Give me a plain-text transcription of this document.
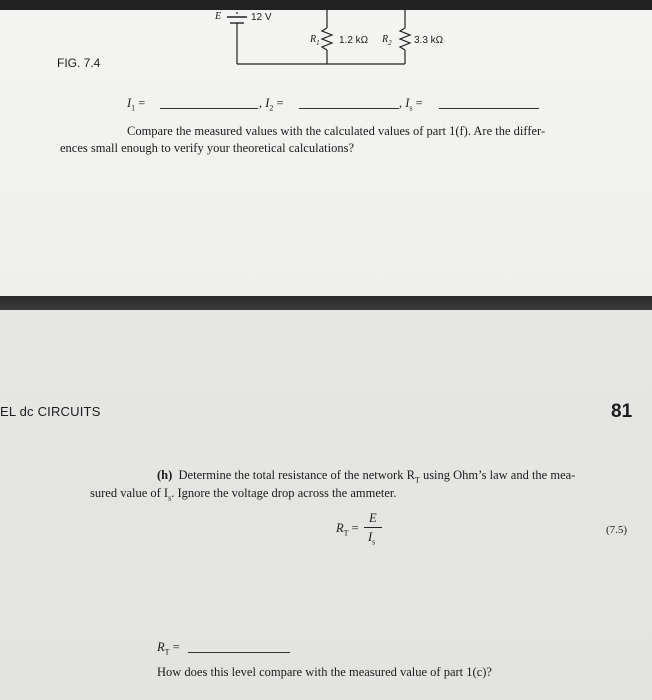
E	12 V
$R_1$ 1.2 kΩ $R_2$ 3.3 kΩ
FIG. 7.4
$I_1$ =	, $I_2$ =	, $I_s$ =
Compare the measured values with the calculated values of part 1(f). Are the differ-
ences small enough to verify your theoretical calculations?
EL dc CIRCUITS	81
(h) Determine the total resistance of the network $R_T$ using Ohm’s law and the mea-
sured value of $I_s$. Ignore the voltage drop across the ammeter.
$R_T$ =
E
$I_s$
(7.5)
$R_T$ =
How does this level compare with the measured value of part 1(c)?
